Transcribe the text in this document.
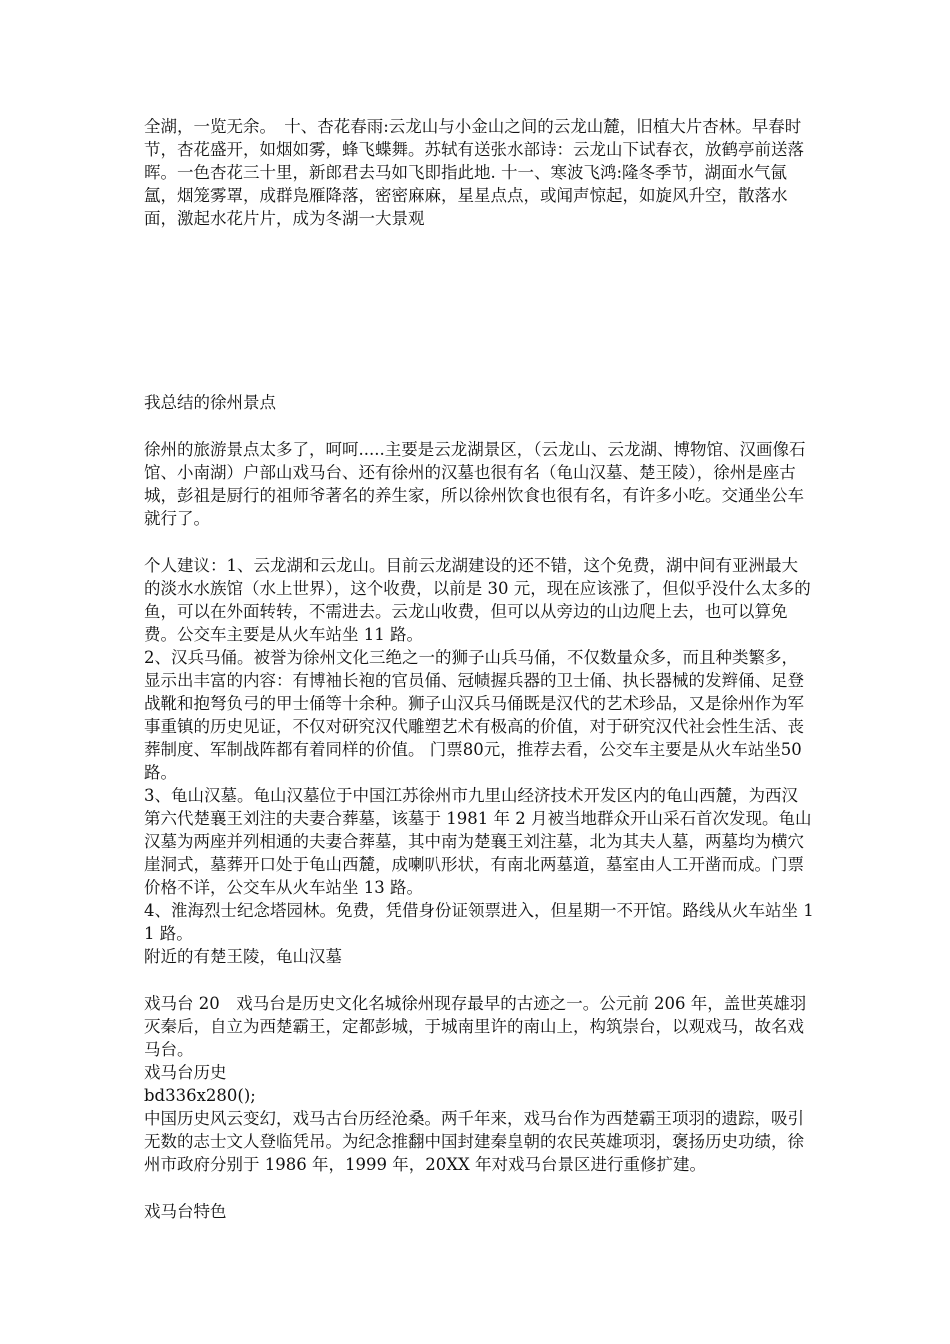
全湖，一览无余。　十、杏花春雨:云龙山与小金山之间的云龙山麓，旧植大片杏林。早春时节，杏花盛开，如烟如雾，蜂飞蝶舞。苏轼有送张水部诗：云龙山下试春衣，放鹤亭前送落晖。一色杏花三十里，新郎君去马如飞即指此地. 十一、寒波飞鸿:隆冬季节，湖面水气氤氲，烟笼雾罩，成群凫雁降落，密密麻麻，星星点点，或闻声惊起，如旋风升空，散落水面，激起水花片片，成为冬湖一大景观

我总结的徐州景点

徐州的旅游景点太多了，呵呵.....主要是云龙湖景区，（云龙山、云龙湖、博物馆、汉画像石馆、小南湖）户部山戏马台、还有徐州的汉墓也很有名（龟山汉墓、楚王陵），徐州是座古城，彭祖是厨行的祖师爷著名的养生家，所以徐州饮食也很有名，有许多小吃。交通坐公车就行了。

个人建议：1、云龙湖和云龙山。目前云龙湖建设的还不错，这个免费，湖中间有亚洲最大的淡水水族馆（水上世界），这个收费，以前是 30 元，现在应该涨了，但似乎没什么太多的鱼，可以在外面转转，不需进去。云龙山收费，但可以从旁边的山边爬上去，也可以算免费。公交车主要是从火车站坐 11 路。

2、汉兵马俑。被誉为徐州文化三绝之一的狮子山兵马俑，不仅数量众多，而且种类繁多，显示出丰富的内容：有博袖长袍的官员俑、冠帻握兵器的卫士俑、执长器械的发辫俑、足登战靴和抱弩负弓的甲士俑等十余种。狮子山汉兵马俑既是汉代的艺术珍品，又是徐州作为军事重镇的历史见证，不仅对研究汉代雕塑艺术有极高的价值，对于研究汉代社会性生活、丧葬制度、军制战阵都有着同样的价值。 门票80元，推荐去看，公交车主要是从火车站坐50路。

3、龟山汉墓。龟山汉墓位于中国江苏徐州市九里山经济技术开发区内的龟山西麓，为西汉第六代楚襄王刘注的夫妻合葬墓，该墓于 1981 年 2 月被当地群众开山采石首次发现。龟山汉墓为两座并列相通的夫妻合葬墓，其中南为楚襄王刘注墓，北为其夫人墓，两墓均为横穴崖洞式，墓葬开口处于龟山西麓，成喇叭形状，有南北两墓道，墓室由人工开凿而成。门票价格不详，公交车从火车站坐 13 路。

4、淮海烈士纪念塔园林。免费，凭借身份证领票进入，但星期一不开馆。路线从火车站坐 11 路。

附近的有楚王陵，龟山汉墓

戏马台 20　戏马台是历史文化名城徐州现存最早的古迹之一。公元前 206 年，盖世英雄羽灭秦后，自立为西楚霸王，定都彭城，于城南里许的南山上，构筑崇台，以观戏马，故名戏马台。

戏马台历史

bd336x280();

中国历史风云变幻，戏马古台历经沧桑。两千年来，戏马台作为西楚霸王项羽的遗踪，吸引无数的志士文人登临凭吊。为纪念推翻中国封建秦皇朝的农民英雄项羽，褒扬历史功绩，徐州市政府分别于 1986 年，1999 年，20XX 年对戏马台景区进行重修扩建。

戏马台特色
